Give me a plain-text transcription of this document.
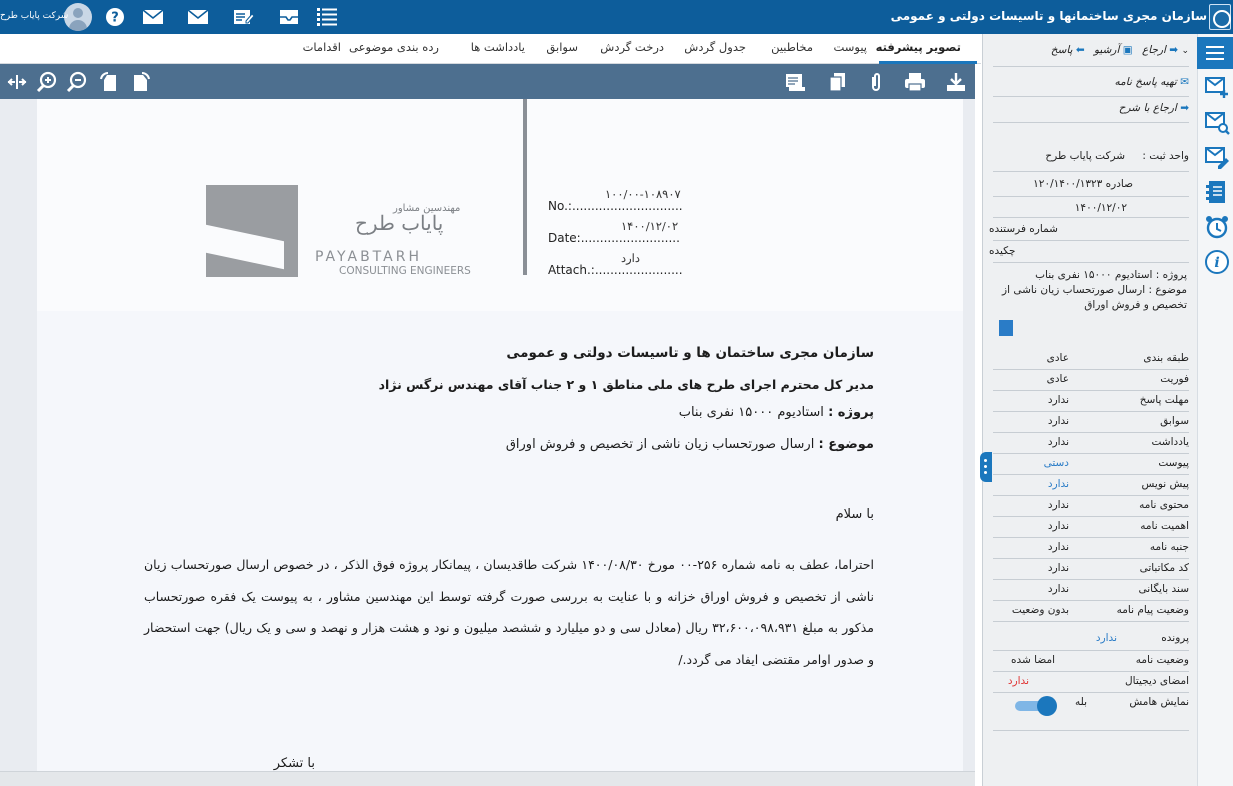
سازمان مجری ساختمانها و تاسیسات دولتی و عمومی
?
شرکت پایاب طرح
تصویر پیشرفته
پیوست
مخاطبین
جدول گردش
درخت گردش
سوابق
یادداشت ها
رده بندی موضوعی
اقدامات
مهندسین مشاور
پایاب طرح
PAYABTARH
CONSULTING ENGINEERS
No.:.............................
۱۰۰/۰۰-۱۰۸۹۰۷
Date:..........................
۱۴۰۰/۱۲/۰۲
Attach.:.......................
دارد
سازمان مجری ساختمان ها و تاسیسات دولتی و عمومی
مدیر کل محترم اجرای طرح های ملی مناطق ۱ و ۲ جناب آقای مهندس نرگس نژاد
پروژه : استادیوم ۱۵۰۰۰ نفری بناب
موضوع : ارسال صورتحساب زیان ناشی از تخصیص و فروش اوراق
با سلام
احتراما، عطف به نامه شماره ۲۵۶-۰۰ مورخ ۱۴۰۰/۰۸/۳۰ شرکت طاقدیسان ، پیمانکار پروژه فوق الذکر ، در خصوص ارسال صورتحساب زیان ناشی از تخصیص و فروش اوراق خزانه و با عنایت به بررسی صورت گرفته توسط این مهندسین مشاور ، به پیوست یک فقره صورتحساب مذکور به مبلغ ۳۲،۶۰۰،۰۹۸،۹۳۱ ریال (معادل سی و دو میلیارد و ششصد میلیون و نود و هشت هزار و نهصد و سی و یک ریال) جهت استحضار و صدور اوامر مقتضی ایفاد می گردد./
با تشکر
⌄ ➡ ارجاع ▣ آرشیو ⬅ پاسخ
✉ تهیه پاسخ نامه
➡ ارجاع با شرح
واحد ثبت : شرکت پایاب طرح
صادره ۱۲۰/۱۴۰۰/۱۳۲۳
۱۴۰۰/۱۲/۰۲
شماره فرستنده
چکیده
پروژه : استادیوم ۱۵۰۰۰ نفری بناب
موضوع : ارسال صورتحساب زیان ناشی از
تخصیص و فروش اوراق
طبقه بندی
عادی
فوریت
عادی
مهلت پاسخ
ندارد
سوابق
ندارد
یادداشت
ندارد
پیوست
دستی
پیش نویس
ندارد
محتوی نامه
ندارد
اهمیت نامه
ندارد
جنبه نامه
ندارد
کد مکاتباتی
ندارد
سند بایگانی
ندارد
وضعیت پیام نامه
بدون وضعیت
پرونده
ندارد
وضعیت نامه
امضا شده
امضای دیجیتال
ندارد
نمایش هامش
بله
i
